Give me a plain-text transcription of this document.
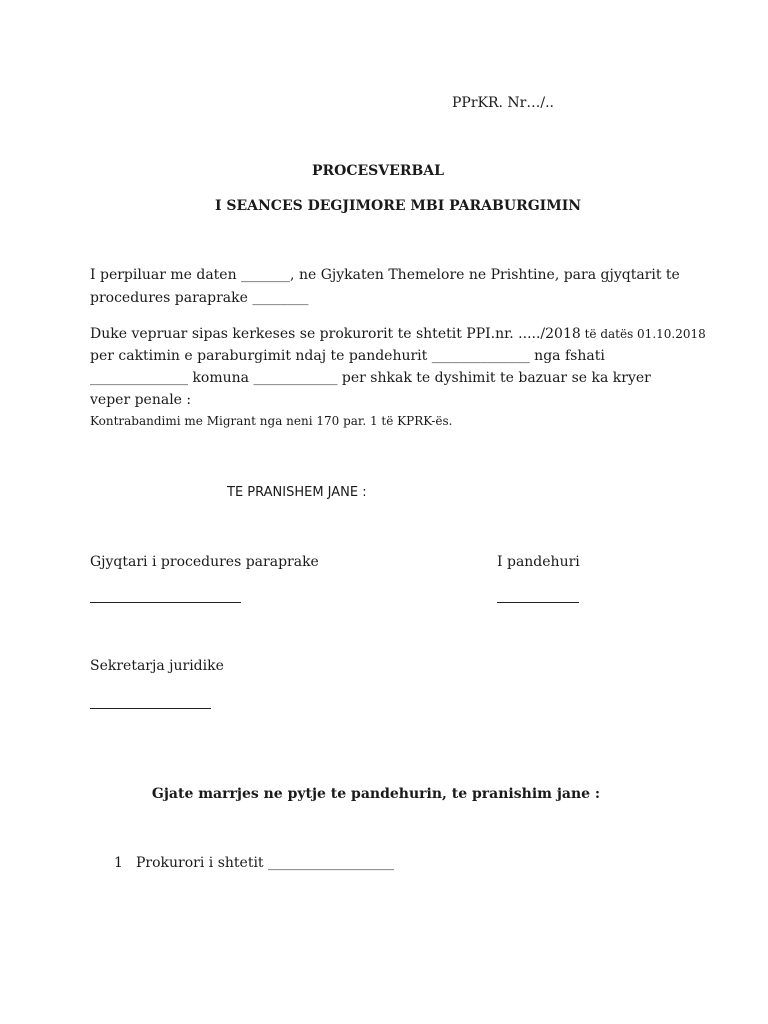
PPrKR. Nr…/..
PROCESVERBAL
I SEANCES DEGJIMORE MBI PARABURGIMIN
I perpiluar me daten _______, ne Gjykaten Themelore ne Prishtine, para gjyqtarit te
procedures paraprake ________
Duke vepruar sipas kerkeses se prokurorit te shtetit PPI.nr. ...../2018 të datës 01.10.2018
per caktimin e paraburgimit ndaj te pandehurit ______________ nga fshati
______________ komuna ____________ per shkak te dyshimit te bazuar se ka kryer
veper penale :
Kontrabandimi me Migrant nga neni 170 par. 1 të KPRK-ës.
TE PRANISHEM JANE :
Gjyqtari i procedures paraprake	I pandehuri
Sekretarja juridike
Gjate marrjes ne pytje te pandehurin, te pranishim jane :
1 Prokurori i shtetit __________________
